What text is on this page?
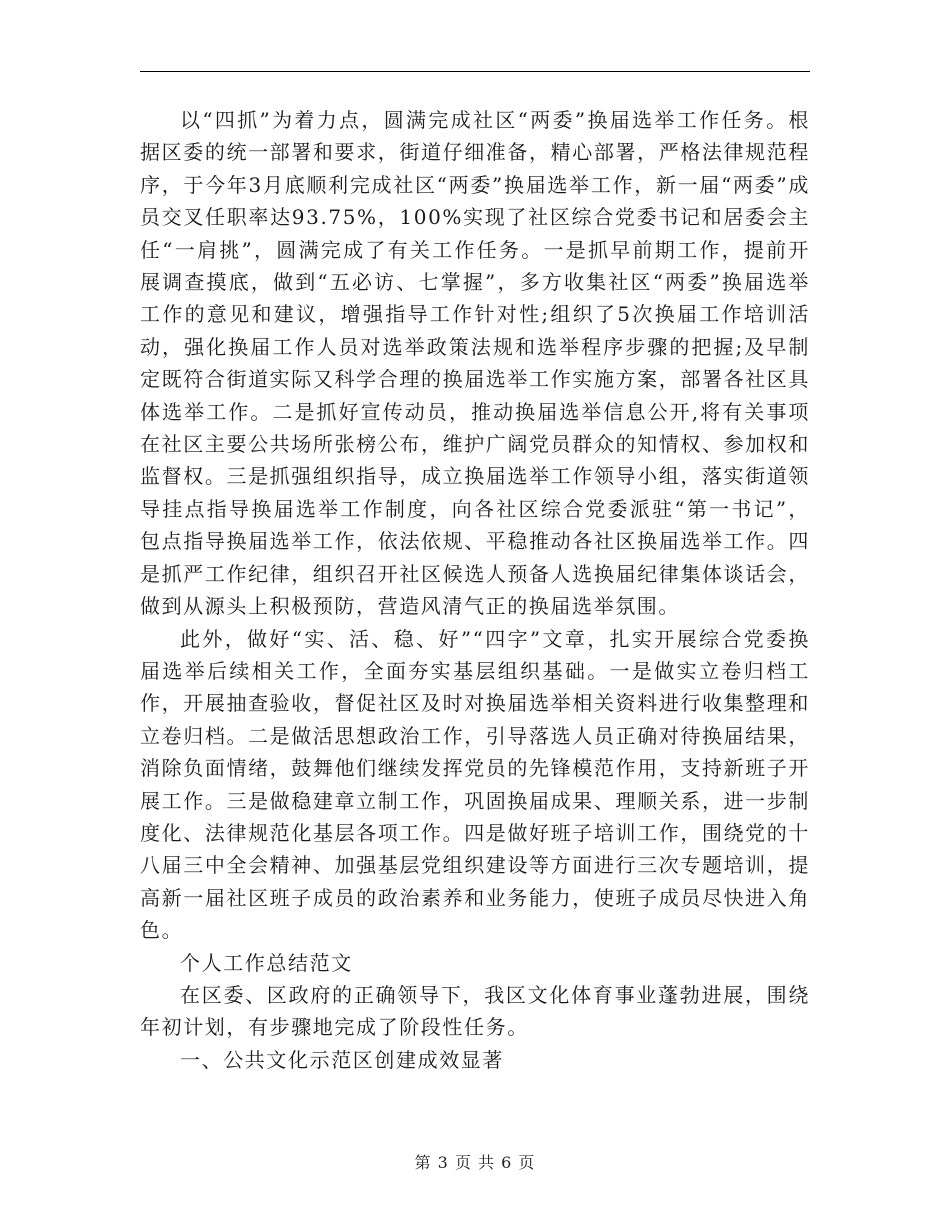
以“四抓”为着力点，圆满完成社区“两委”换届选举工作任务。根据区委的统一部署和要求，街道仔细准备，精心部署，严格法律规范程序，于今年3月底顺利完成社区“两委”换届选举工作，新一届“两委”成员交叉任职率达93.75%，100%实现了社区综合党委书记和居委会主任“一肩挑”，圆满完成了有关工作任务。一是抓早前期工作，提前开展调查摸底，做到“五必访、七掌握”，多方收集社区“两委”换届选举工作的意见和建议，增强指导工作针对性;组织了5次换届工作培训活动，强化换届工作人员对选举政策法规和选举程序步骤的把握;及早制定既符合街道实际又科学合理的换届选举工作实施方案，部署各社区具体选举工作。二是抓好宣传动员，推动换届选举信息公开,将有关事项在社区主要公共场所张榜公布，维护广阔党员群众的知情权、参加权和监督权。三是抓强组织指导，成立换届选举工作领导小组，落实街道领导挂点指导换届选举工作制度，向各社区综合党委派驻“第一书记”，包点指导换届选举工作，依法依规、平稳推动各社区换届选举工作。四是抓严工作纪律，组织召开社区候选人预备人选换届纪律集体谈话会，做到从源头上积极预防，营造风清气正的换届选举氛围。

此外，做好“实、活、稳、好”“四字”文章，扎实开展综合党委换届选举后续相关工作，全面夯实基层组织基础。一是做实立卷归档工作，开展抽查验收，督促社区及时对换届选举相关资料进行收集整理和立卷归档。二是做活思想政治工作，引导落选人员正确对待换届结果，消除负面情绪，鼓舞他们继续发挥党员的先锋模范作用，支持新班子开展工作。三是做稳建章立制工作，巩固换届成果、理顺关系，进一步制度化、法律规范化基层各项工作。四是做好班子培训工作，围绕党的十八届三中全会精神、加强基层党组织建设等方面进行三次专题培训，提高新一届社区班子成员的政治素养和业务能力，使班子成员尽快进入角色。

个人工作总结范文

在区委、区政府的正确领导下，我区文化体育事业蓬勃进展，围绕年初计划，有步骤地完成了阶段性任务。

一、公共文化示范区创建成效显著

第 3 页 共 6 页
